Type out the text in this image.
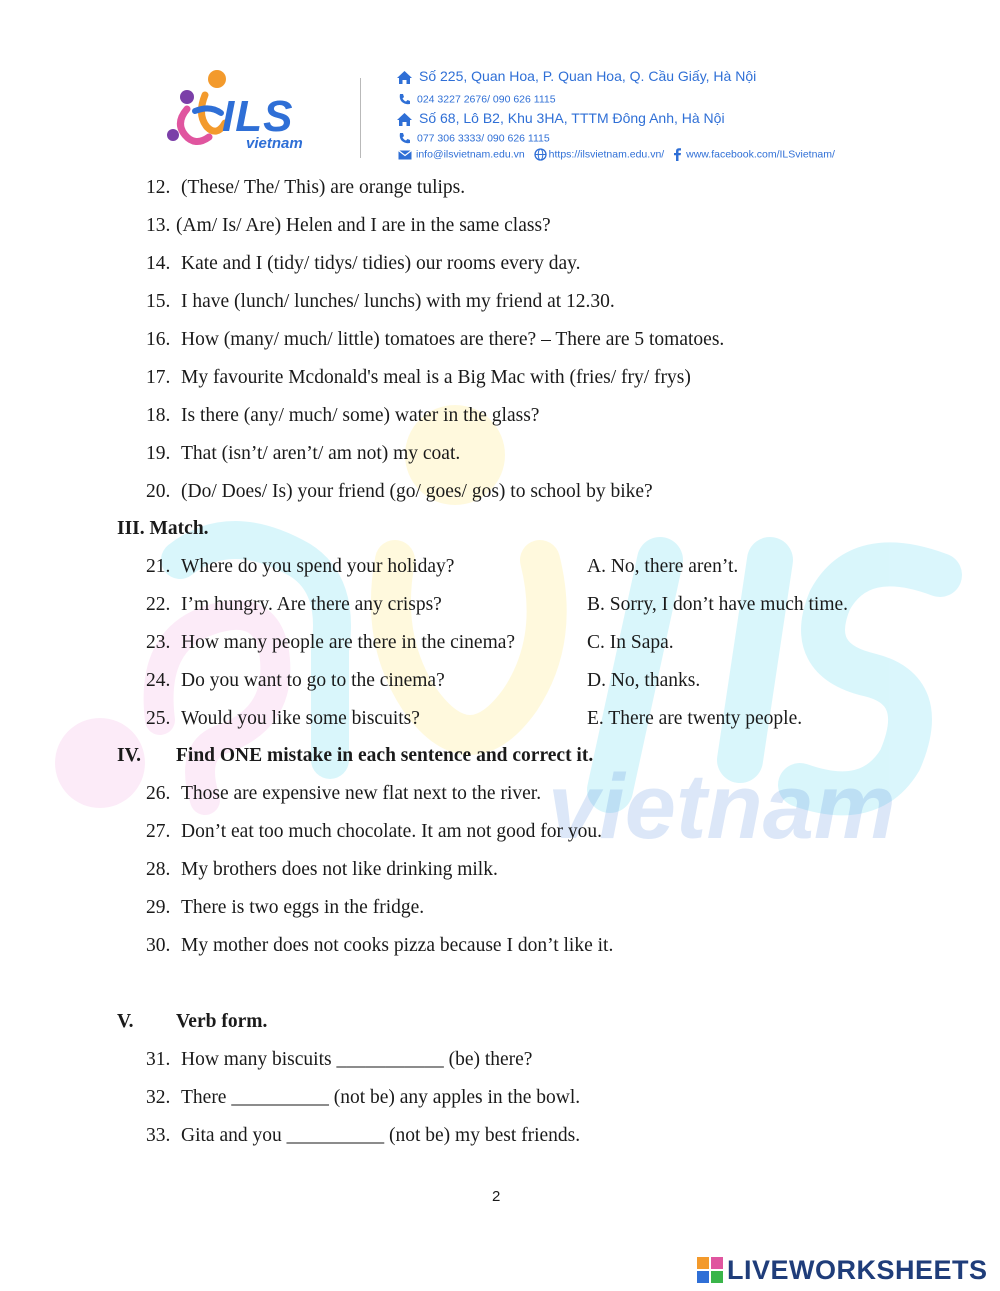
vietnam
ILS
vietnam
Số 225, Quan Hoa, P. Quan Hoa, Q. Cầu Giấy, Hà Nội
024 3227 2676/ 090 626 1115
Số 68, Lô B2, Khu 3HA, TTTM Đông Anh, Hà Nội
077 306 3333/ 090 626 1115
info@ilsvietnam.edu.vn https://ilsvietnam.edu.vn/ www.facebook.com/ILSvietnam/
12. (These/ The/ This) are orange tulips.
13. (Am/ Is/ Are) Helen and I are in the same class?
14. Kate and I (tidy/ tidys/ tidies) our rooms every day.
15. I have (lunch/ lunches/ lunchs) with my friend at 12.30.
16. How (many/ much/ little) tomatoes are there? – There are 5 tomatoes.
17. My favourite Mcdonald's meal is a Big Mac with (fries/ fry/ frys)
18. Is there (any/ much/ some) water in the glass?
19. That (isn’t/ aren’t/ am not) my coat.
20. (Do/ Does/ Is) your friend (go/ goes/ gos) to school by bike?
III. Match.
21. Where do you spend your holiday?	A. No, there aren’t.
22. I’m hungry. Are there any crisps?	B. Sorry, I don’t have much time.
23. How many people are there in the cinema?	C. In Sapa.
24. Do you want to go to the cinema?	D. No, thanks.
25. Would you like some biscuits?	E. There are twenty people.
IV. Find ONE mistake in each sentence and correct it.
26. Those are expensive new flat next to the river.
27. Don’t eat too much chocolate. It am not good for you.
28. My brothers does not like drinking milk.
29. There is two eggs in the fridge.
30. My mother does not cooks pizza because I don’t like it.
V. Verb form.
31. How many biscuits ___________ (be) there?
32. There __________ (not be) any apples in the bowl.
33. Gita and you __________ (not be) my best friends.
2
LIVEWORKSHEETS
